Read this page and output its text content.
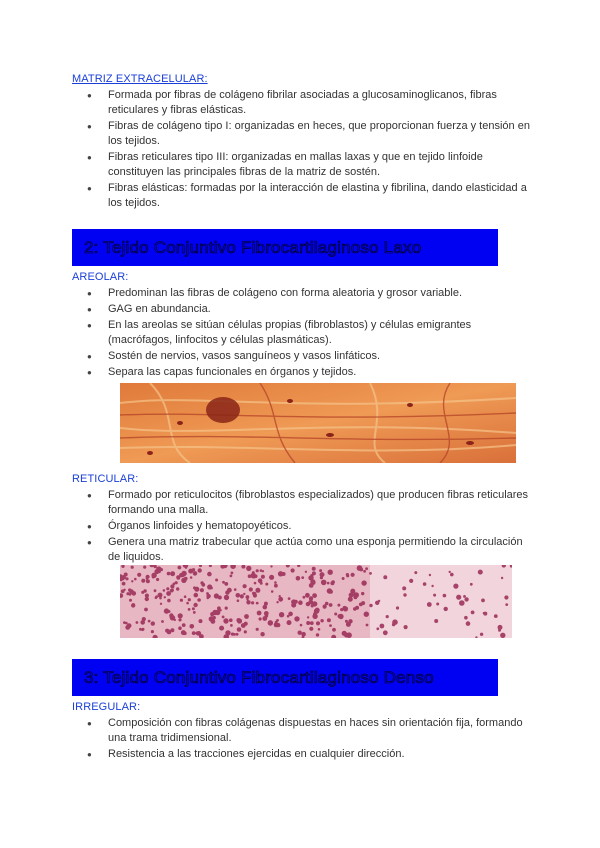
MATRIZ EXTRACELULAR:
● Formada por fibras de colágeno fibrilar asociadas a glucosaminoglicanos, fibras reticulares y fibras elásticas.
● Fibras de colágeno tipo I: organizadas en heces, que proporcionan fuerza y tensión en los tejidos.
● Fibras reticulares tipo III: organizadas en mallas laxas y que en tejido linfoide constituyen las principales fibras de la matriz de sostén.
● Fibras elásticas: formadas por la interacción de elastina y fibrilina, dando elasticidad a los tejidos.
2: Tejido Conjuntivo Fibrocartilaginoso Laxo
AREOLAR:
● Predominan las fibras de colágeno con forma aleatoria y grosor variable.
● GAG en abundancia.
● En las areolas se sitúan células propias (fibroblastos) y células emigrantes (macrófagos, linfocitos y células plasmáticas).
● Sostén de nervios, vasos sanguíneos y vasos linfáticos.
● Separa las capas funcionales en órganos y tejidos.
RETICULAR:
● Formado por reticulocitos (fibroblastos especializados) que producen fibras reticulares formando una malla.
● Órganos linfoides y hematopoyéticos.
● Genera una matriz trabecular que actúa como una esponja permitiendo la circulación de liquidos.
3: Tejido Conjuntivo Fibrocartilaginoso Denso
IRREGULAR:
● Composición con fibras colágenas dispuestas en haces sin orientación fija, formando una trama tridimensional.
● Resistencia a las tracciones ejercidas en cualquier dirección.
